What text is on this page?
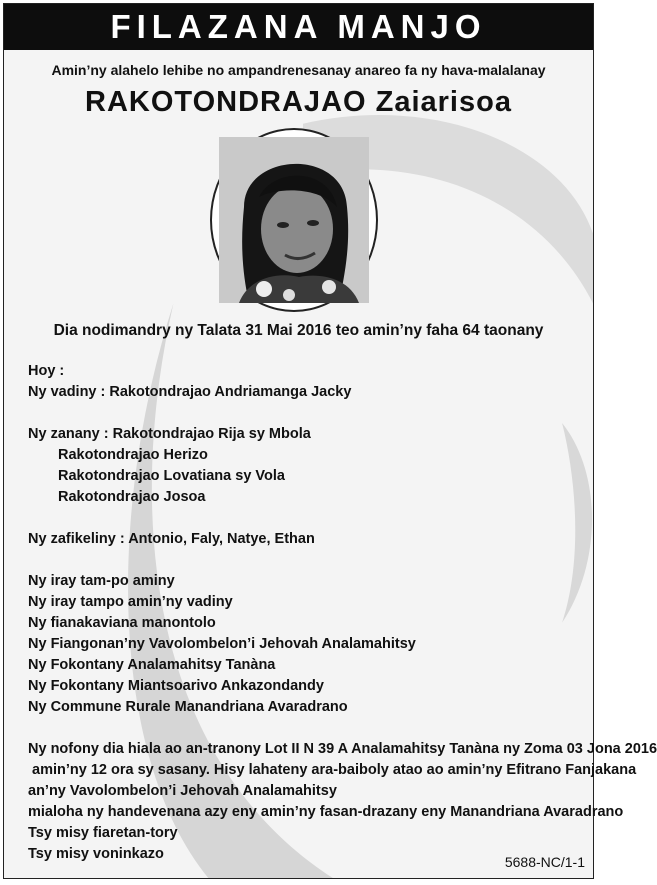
FILAZANA MANJO
Amin’ny alahelo lehibe no ampandrenesanay anareo fa ny hava-malalanay
RAKOTONDRAJAO Zaiarisoa
Dia nodimandry ny Talata 31 Mai 2016 teo amin’ny faha 64 taonany
Hoy :
Ny vadiny : Rakotondrajao Andriamanga Jacky
Ny zanany : Rakotondrajao Rija sy Mbola
Rakotondrajao Herizo
Rakotondrajao Lovatiana sy Vola
Rakotondrajao Josoa
Ny zafikeliny : Antonio, Faly, Natye, Ethan
Ny iray tam-po aminy
Ny iray tampo amin’ny vadiny
Ny fianakaviana manontolo
Ny Fiangonan’ny Vavolombelon’i Jehovah Analamahitsy
Ny Fokontany Analamahitsy Tanàna
Ny Fokontany Miantsoarivo Ankazondandy
Ny Commune Rurale Manandriana Avaradrano
Ny nofony dia hiala ao an-tranony Lot II N 39 A Analamahitsy Tanàna ny Zoma 03 Jona 2016
amin’ny 12 ora sy sasany. Hisy lahateny ara-baiboly atao ao amin’ny Efitrano Fanjakana
an’ny Vavolombelon’i Jehovah Analamahitsy
mialoha ny handevenana azy eny amin’ny fasan-drazany eny Manandriana Avaradrano
Tsy misy fiaretan-tory
Tsy misy voninkazo	5688-NC/1-1
